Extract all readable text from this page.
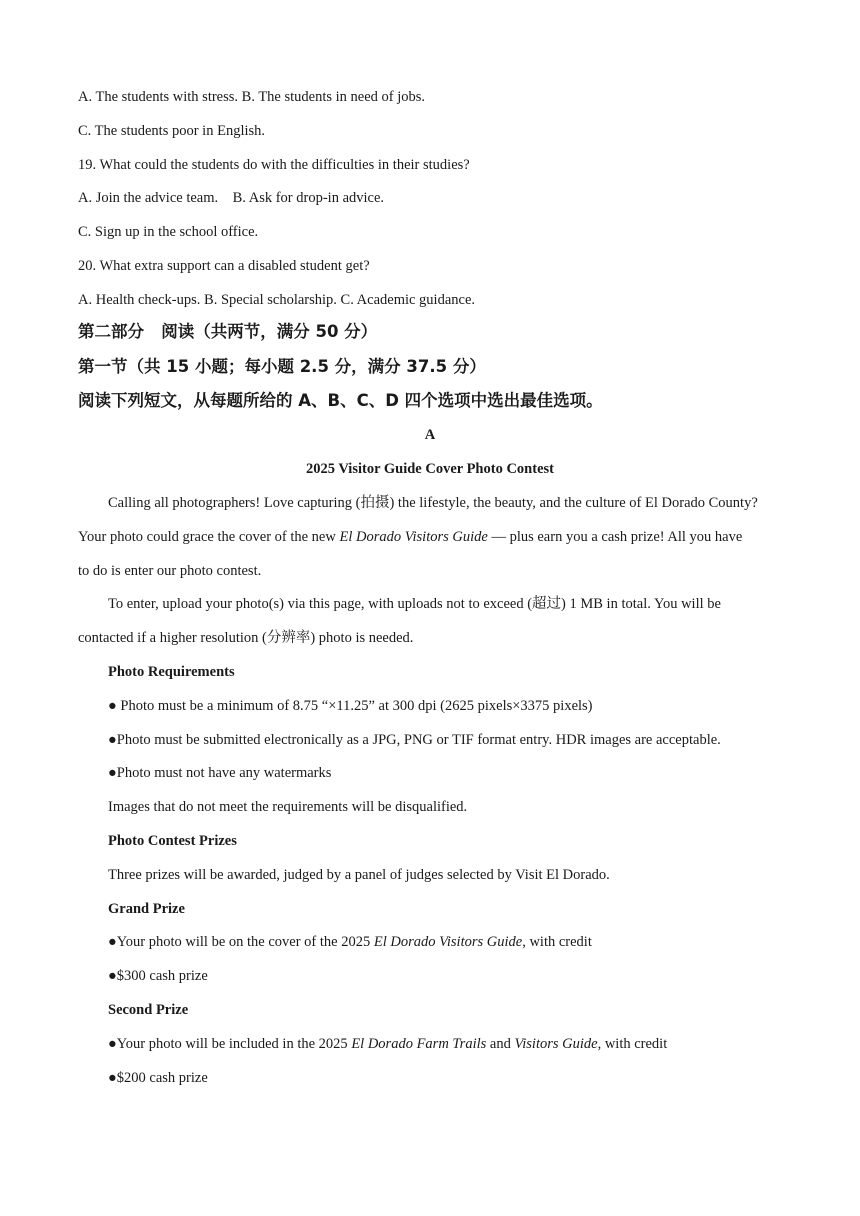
A. The students with stress. B. The students in need of jobs.
C. The students poor in English.
19. What could the students do with the difficulties in their studies?
A. Join the advice team.    B. Ask for drop-in advice.
C. Sign up in the school office.
20. What extra support can a disabled student get?
A. Health check-ups. B. Special scholarship. C. Academic guidance.
第二部分   阅读（共两节，满分 50 分）
第一节（共 15 小题；每小题 2.5 分，满分 37.5 分）
阅读下列短文，从每题所给的 A、B、C、D 四个选项中选出最佳选项。
A
2025 Visitor Guide Cover Photo Contest
Calling all photographers! Love capturing (拍摄) the lifestyle, the beauty, and the culture of El Dorado County?
Your photo could grace the cover of the new El Dorado Visitors Guide — plus earn you a cash prize! All you have
to do is enter our photo contest.
To enter, upload your photo(s) via this page, with uploads not to exceed (超过) 1 MB in total. You will be
contacted if a higher resolution (分辨率) photo is needed.
Photo Requirements
● Photo must be a minimum of 8.75 “×11.25” at 300 dpi (2625 pixels×3375 pixels)
●Photo must be submitted electronically as a JPG, PNG or TIF format entry. HDR images are acceptable.
●Photo must not have any watermarks
Images that do not meet the requirements will be disqualified.
Photo Contest Prizes
Three prizes will be awarded, judged by a panel of judges selected by Visit El Dorado.
Grand Prize
●Your photo will be on the cover of the 2025 El Dorado Visitors Guide, with credit
●$300 cash prize
Second Prize
●Your photo will be included in the 2025 El Dorado Farm Trails and Visitors Guide, with credit
●$200 cash prize
